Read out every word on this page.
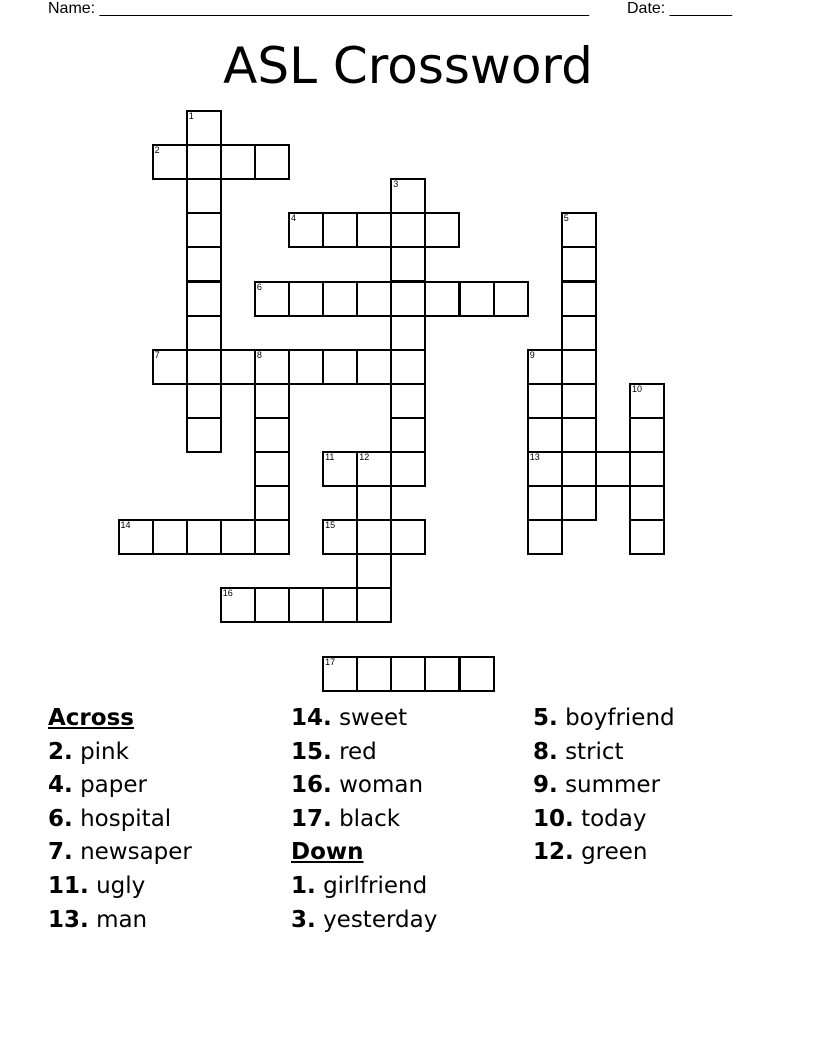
Name: _______________________________________________________ Date: _______
ASL Crossword
1
2
3
4	5
6
7	8	9
10
11	12	13
14	15
16
17
Across
2. pink
4. paper
6. hospital
7. newsaper
11. ugly
13. man
14. sweet
15. red
16. woman
17. black
Down
1. girlfriend
3. yesterday
5. boyfriend
8. strict
9. summer
10. today
12. green
